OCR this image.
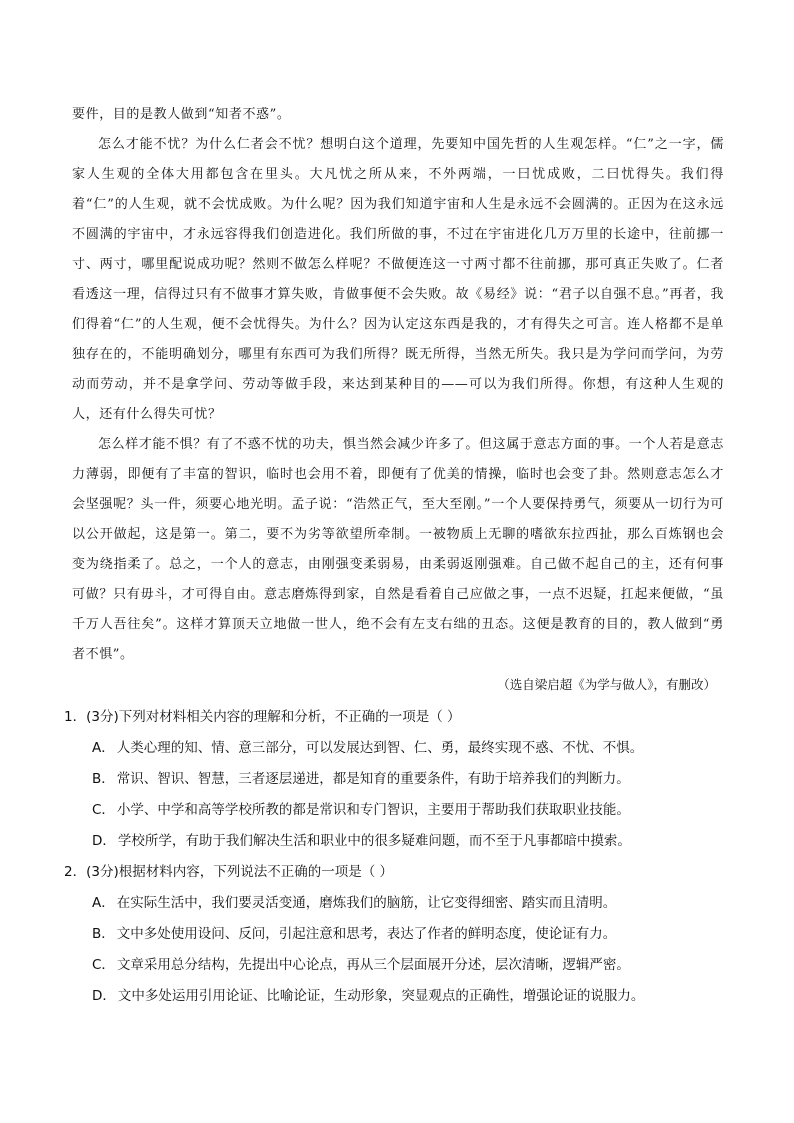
要件，目的是教人做到“知者不惑”。

怎么才能不忧？为什么仁者会不忧？想明白这个道理，先要知中国先哲的人生观怎样。“仁”之一字，儒家人生观的全体大用都包含在里头。大凡忧之所从来，不外两端，一曰忧成败，二曰忧得失。我们得着“仁”的人生观，就不会忧成败。为什么呢？因为我们知道宇宙和人生是永远不会圆满的。正因为在这永远不圆满的宇宙中，才永远容得我们创造进化。我们所做的事，不过在宇宙进化几万万里的长途中，往前挪一寸、两寸，哪里配说成功呢？然则不做怎么样呢？不做便连这一寸两寸都不往前挪，那可真正失败了。仁者看透这一理，信得过只有不做事才算失败，肯做事便不会失败。故《易经》说：“君子以自强不息。”再者，我们得着“仁”的人生观，便不会忧得失。为什么？因为认定这东西是我的，才有得失之可言。连人格都不是单独存在的，不能明确划分，哪里有东西可为我们所得？既无所得，当然无所失。我只是为学问而学问，为劳动而劳动，并不是拿学问、劳动等做手段，来达到某种目的——可以为我们所得。你想，有这种人生观的人，还有什么得失可忧？

怎么样才能不惧？有了不惑不忧的功夫，惧当然会减少许多了。但这属于意志方面的事。一个人若是意志力薄弱，即便有了丰富的智识，临时也会用不着，即便有了优美的情操，临时也会变了卦。然则意志怎么才会坚强呢？头一件，须要心地光明。孟子说：“浩然正气，至大至刚。”一个人要保持勇气，须要从一切行为可以公开做起，这是第一。第二，要不为劣等欲望所牵制。一被物质上无聊的嗜欲东拉西扯，那么百炼钢也会变为绕指柔了。总之，一个人的意志，由刚强变柔弱易，由柔弱返刚强难。自己做不起自己的主，还有何事可做？只有毋斗，才可得自由。意志磨炼得到家，自然是看着自己应做之事，一点不迟疑，扛起来便做，“虽千万人吾往矣”。这样才算顶天立地做一世人，绝不会有左支右绌的丑态。这便是教育的目的，教人做到“勇者不惧”。

（选自梁启超《为学与做人》，有删改）
1．(3分)下列对材料相关内容的理解和分析，不正确的一项是（ ）
A． 人类心理的知、情、意三部分，可以发展达到智、仁、勇，最终实现不惑、不忧、不惧。
B． 常识、智识、智慧，三者逐层递进，都是知育的重要条件，有助于培养我们的判断力。
C． 小学、中学和高等学校所教的都是常识和专门智识，主要用于帮助我们获取职业技能。
D． 学校所学，有助于我们解决生活和职业中的很多疑难问题，而不至于凡事都暗中摸索。
2．(3分)根据材料内容，下列说法不正确的一项是（ ）
A． 在实际生活中，我们要灵活变通，磨炼我们的脑筋，让它变得细密、踏实而且清明。
B． 文中多处使用设问、反问，引起注意和思考，表达了作者的鲜明态度，使论证有力。
C． 文章采用总分结构，先提出中心论点，再从三个层面展开分述，层次清晰，逻辑严密。
D． 文中多处运用引用论证、比喻论证，生动形象，突显观点的正确性，增强论证的说服力。
